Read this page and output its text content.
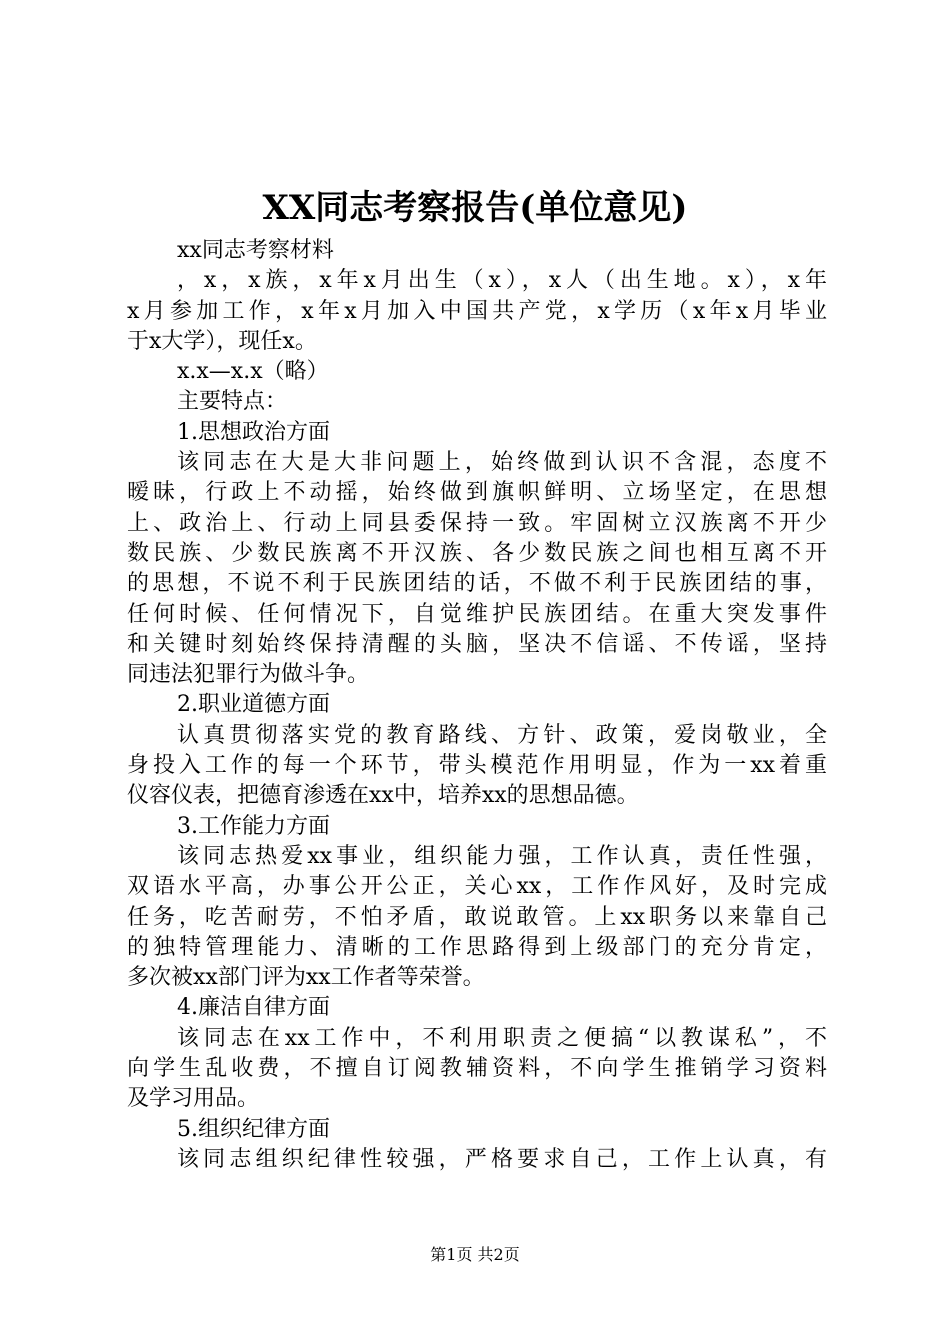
XX同志考察报告(单位意见)
xx同志考察材料
，x，x族，x年x月出生（x），x人（出生地。x），x年
x月参加工作，x年x月加入中国共产党，x学历（x年x月毕业
于x大学），现任x。
x.x—x.x（略）
主要特点：
1.思想政治方面
该同志在大是大非问题上，始终做到认识不含混，态度不
暧昧，行政上不动摇，始终做到旗帜鲜明、立场坚定，在思想
上、政治上、行动上同县委保持一致。牢固树立汉族离不开少
数民族、少数民族离不开汉族、各少数民族之间也相互离不开
的思想，不说不利于民族团结的话，不做不利于民族团结的事，
任何时候、任何情况下，自觉维护民族团结。在重大突发事件
和关键时刻始终保持清醒的头脑，坚决不信谣、不传谣，坚持
同违法犯罪行为做斗争。
2.职业道德方面
认真贯彻落实党的教育路线、方针、政策，爱岗敬业，全
身投入工作的每一个环节，带头模范作用明显，作为一xx着重
仪容仪表，把德育渗透在xx中，培养xx的思想品德。
3.工作能力方面
该同志热爱xx事业，组织能力强，工作认真，责任性强，
双语水平高，办事公开公正，关心xx，工作作风好，及时完成
任务，吃苦耐劳，不怕矛盾，敢说敢管。上xx职务以来靠自己
的独特管理能力、清晰的工作思路得到上级部门的充分肯定，
多次被xx部门评为xx工作者等荣誉。
4.廉洁自律方面
该同志在xx工作中，不利用职责之便搞“以教谋私”，不
向学生乱收费，不擅自订阅教辅资料，不向学生推销学习资料
及学习用品。
5.组织纪律方面
该同志组织纪律性较强，严格要求自己，工作上认真，有
第1页 共2页
